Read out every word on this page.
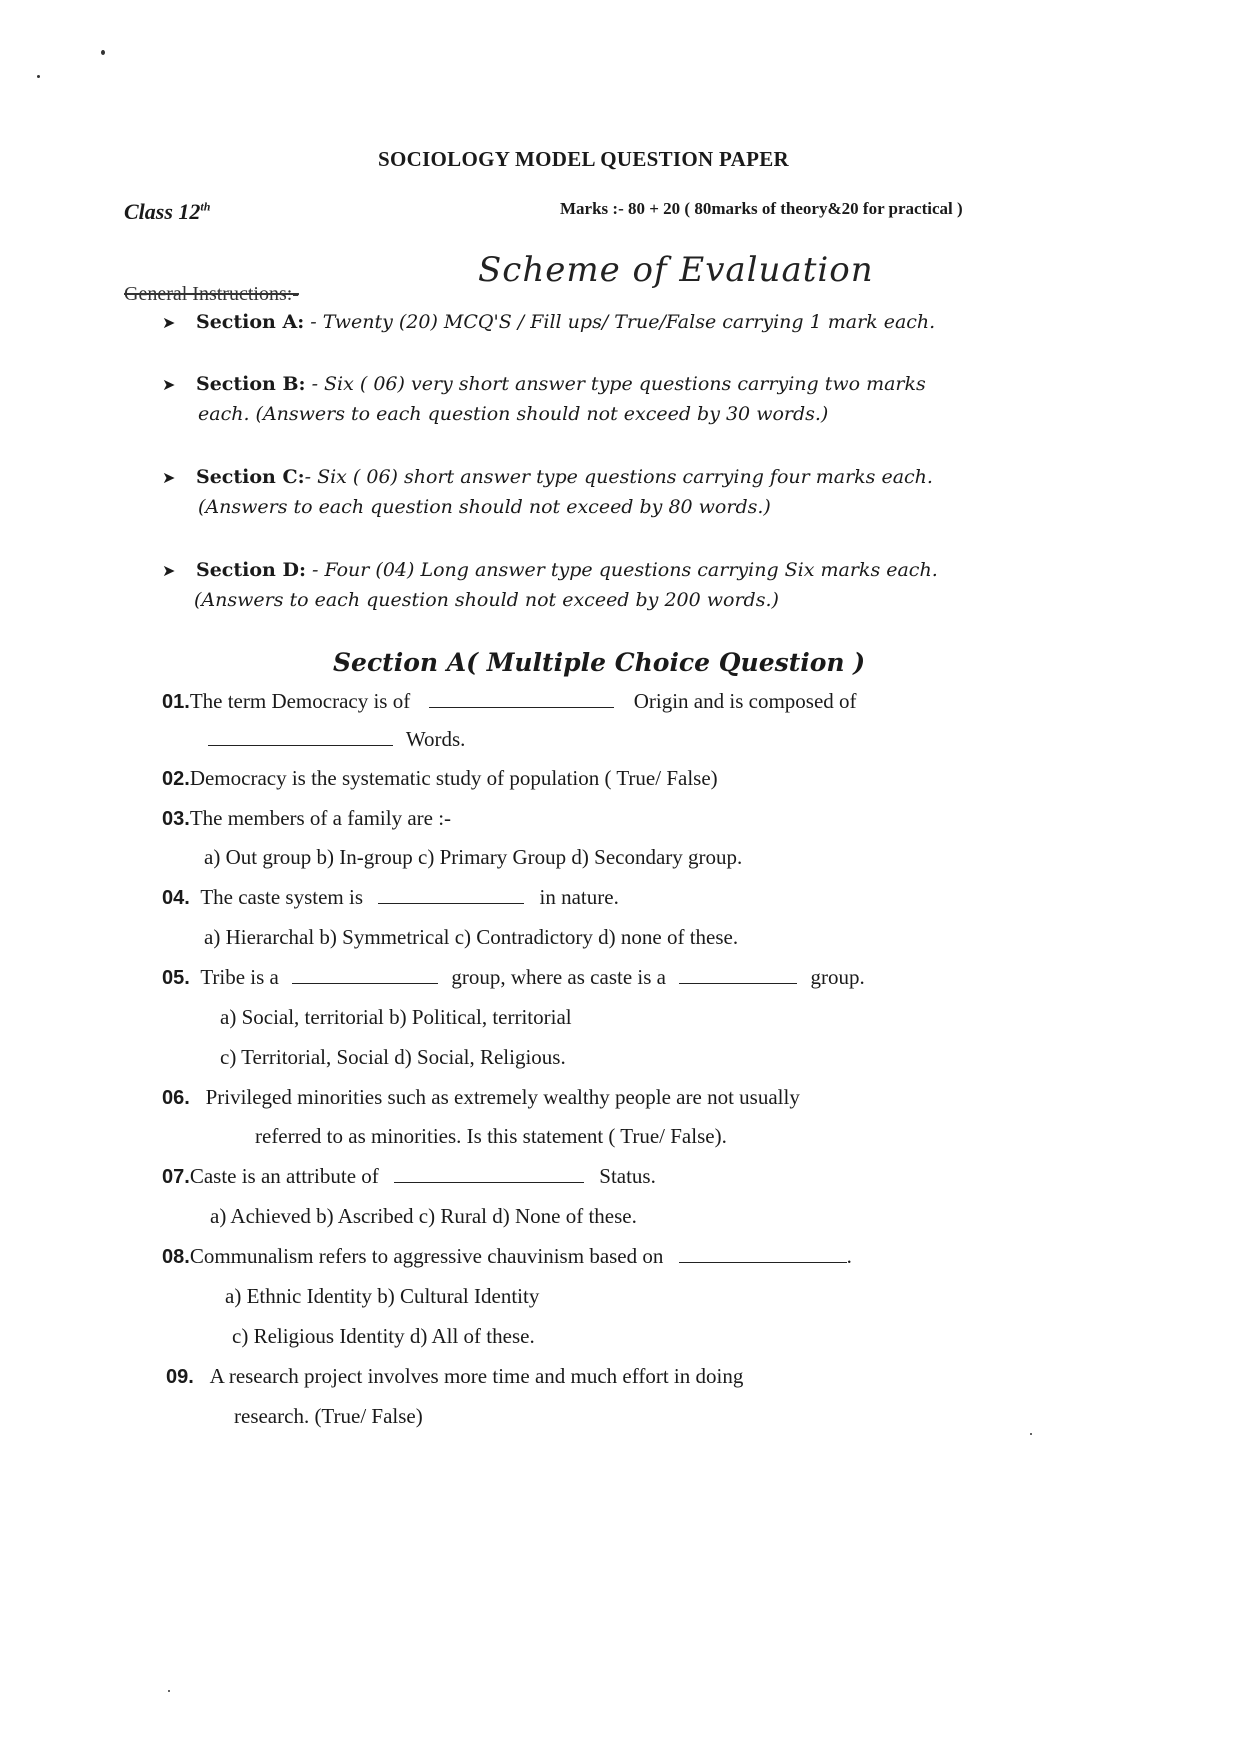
SOCIOLOGY MODEL QUESTION PAPER
Class 12th	Marks :- 80 + 20 ( 80marks of theory&20 for practical )
Scheme of Evaluation
General Instructions:-
➤ Section A: - Twenty (20) MCQ'S / Fill ups/ True/False carrying 1 mark each.
➤ Section B: - Six ( 06) very short answer type questions carrying two marks
each. (Answers to each question should not exceed by 30 words.)
➤ Section C:- Six ( 06) short answer type questions carrying four marks each.
(Answers to each question should not exceed by 80 words.)
➤ Section D: - Four (04) Long answer type questions carrying Six marks each.
(Answers to each question should not exceed by 200 words.)
Section A( Multiple Choice Question )
01.The term Democracy is of	Origin and is composed of
Words.
02.Democracy is the systematic study of population ( True/ False)
03.The members of a family are :-
a) Out group b) In-group c) Primary Group d) Secondary group.
04. The caste system is	in nature.
a) Hierarchal b) Symmetrical c) Contradictory d) none of these.
05. Tribe is a	group, where as caste is a	group.
a) Social, territorial b) Political, territorial
c) Territorial, Social d) Social, Religious.
06. Privileged minorities such as extremely wealthy people are not usually
referred to as minorities. Is this statement ( True/ False).
07.Caste is an attribute of	Status.
a) Achieved b) Ascribed c) Rural d) None of these.
08.Communalism refers to aggressive chauvinism based on	.
a) Ethnic Identity b) Cultural Identity
c) Religious Identity d) All of these.
09. A research project involves more time and much effort in doing
research. (True/ False)
